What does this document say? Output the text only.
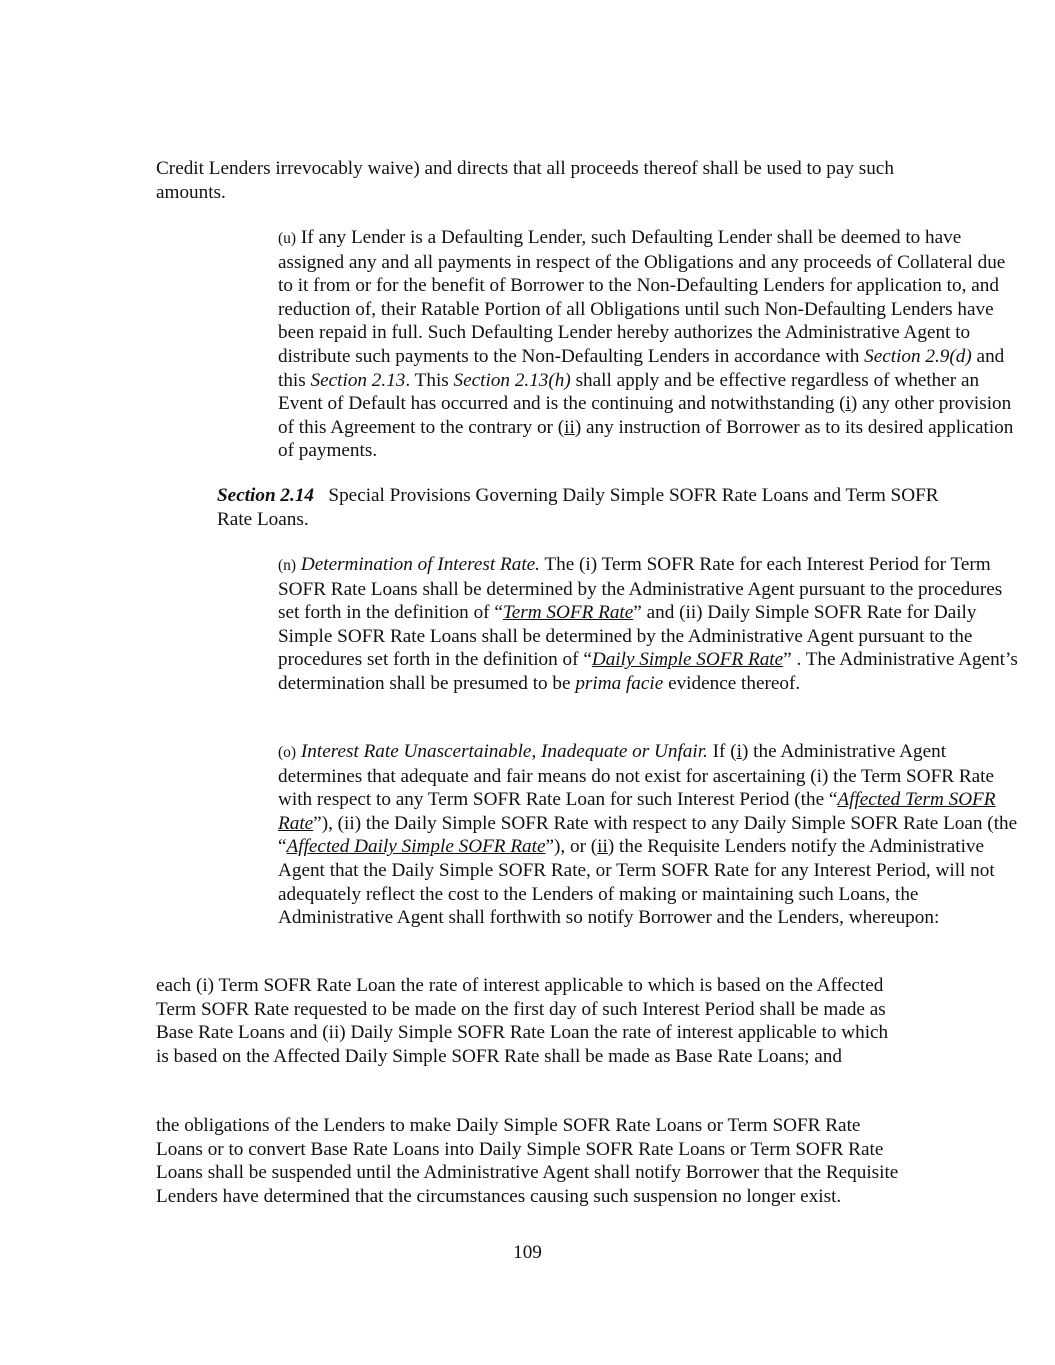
Credit Lenders irrevocably waive) and directs that all proceeds thereof shall be used to pay such amounts.

(u) If any Lender is a Defaulting Lender, such Defaulting Lender shall be deemed to have assigned any and all payments in respect of the Obligations and any proceeds of Collateral due to it from or for the benefit of Borrower to the Non-Defaulting Lenders for application to, and reduction of, their Ratable Portion of all Obligations until such Non-Defaulting Lenders have been repaid in full. Such Defaulting Lender hereby authorizes the Administrative Agent to distribute such payments to the Non-Defaulting Lenders in accordance with Section 2.9(d) and this Section 2.13. This Section 2.13(h) shall apply and be effective regardless of whether an Event of Default has occurred and is the continuing and notwithstanding (i) any other provision of this Agreement to the contrary or (ii) any instruction of Borrower as to its desired application of payments.

Section 2.14   Special Provisions Governing Daily Simple SOFR Rate Loans and Term SOFR Rate Loans.

(n) Determination of Interest Rate. The (i) Term SOFR Rate for each Interest Period for Term SOFR Rate Loans shall be determined by the Administrative Agent pursuant to the procedures set forth in the definition of “Term SOFR Rate” and (ii) Daily Simple SOFR Rate for Daily Simple SOFR Rate Loans shall be determined by the Administrative Agent pursuant to the procedures set forth in the definition of “Daily Simple SOFR Rate” . The Administrative Agent’s determination shall be presumed to be prima facie evidence thereof.

(o) Interest Rate Unascertainable, Inadequate or Unfair. If (i) the Administrative Agent determines that adequate and fair means do not exist for ascertaining (i) the Term SOFR Rate with respect to any Term SOFR Rate Loan for such Interest Period (the “Affected Term SOFR Rate”), (ii) the Daily Simple SOFR Rate with respect to any Daily Simple SOFR Rate Loan (the “Affected Daily Simple SOFR Rate”), or (ii) the Requisite Lenders notify the Administrative Agent that the Daily Simple SOFR Rate, or Term SOFR Rate for any Interest Period, will not adequately reflect the cost to the Lenders of making or maintaining such Loans, the Administrative Agent shall forthwith so notify Borrower and the Lenders, whereupon:

each (i) Term SOFR Rate Loan the rate of interest applicable to which is based on the Affected Term SOFR Rate requested to be made on the first day of such Interest Period shall be made as Base Rate Loans and (ii) Daily Simple SOFR Rate Loan the rate of interest applicable to which is based on the Affected Daily Simple SOFR Rate shall be made as Base Rate Loans; and

the obligations of the Lenders to make Daily Simple SOFR Rate Loans or Term SOFR Rate Loans or to convert Base Rate Loans into Daily Simple SOFR Rate Loans or Term SOFR Rate Loans shall be suspended until the Administrative Agent shall notify Borrower that the Requisite Lenders have determined that the circumstances causing such suspension no longer exist.

109
